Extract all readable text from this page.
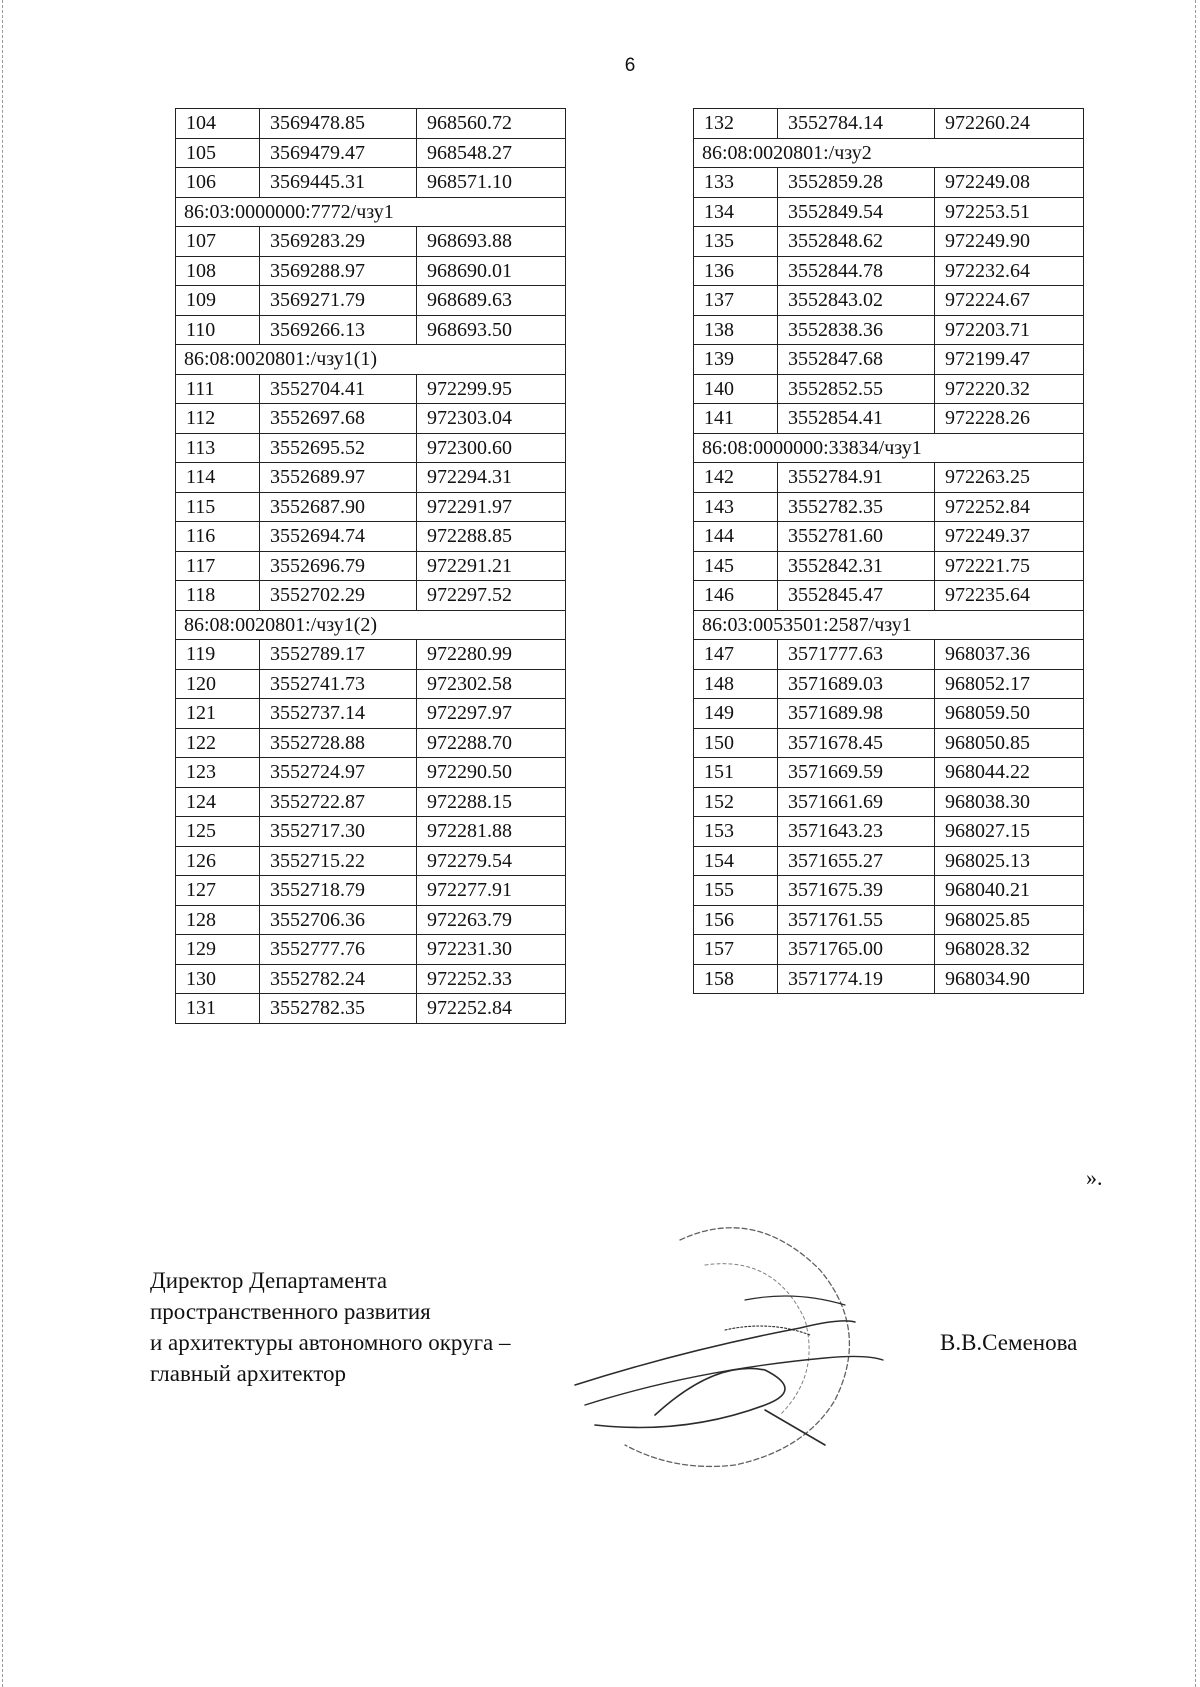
6
104	3569478.85	968560.72
105	3569479.47	968548.27
106	3569445.31	968571.10
86:03:0000000:7772/чзу1		
107	3569283.29	968693.88
108	3569288.97	968690.01
109	3569271.79	968689.63
110	3569266.13	968693.50
86:08:0020801:/чзу1(1)		
111	3552704.41	972299.95
112	3552697.68	972303.04
113	3552695.52	972300.60
114	3552689.97	972294.31
115	3552687.90	972291.97
116	3552694.74	972288.85
117	3552696.79	972291.21
118	3552702.29	972297.52
86:08:0020801:/чзу1(2)		
119	3552789.17	972280.99
120	3552741.73	972302.58
121	3552737.14	972297.97
122	3552728.88	972288.70
123	3552724.97	972290.50
124	3552722.87	972288.15
125	3552717.30	972281.88
126	3552715.22	972279.54
127	3552718.79	972277.91
128	3552706.36	972263.79
129	3552777.76	972231.30
130	3552782.24	972252.33
131	3552782.35	972252.84
132	3552784.14	972260.24
86:08:0020801:/чзу2		
133	3552859.28	972249.08
134	3552849.54	972253.51
135	3552848.62	972249.90
136	3552844.78	972232.64
137	3552843.02	972224.67
138	3552838.36	972203.71
139	3552847.68	972199.47
140	3552852.55	972220.32
141	3552854.41	972228.26
86:08:0000000:33834/чзу1		
142	3552784.91	972263.25
143	3552782.35	972252.84
144	3552781.60	972249.37
145	3552842.31	972221.75
146	3552845.47	972235.64
86:03:0053501:2587/чзу1		
147	3571777.63	968037.36
148	3571689.03	968052.17
149	3571689.98	968059.50
150	3571678.45	968050.85
151	3571669.59	968044.22
152	3571661.69	968038.30
153	3571643.23	968027.15
154	3571655.27	968025.13
155	3571675.39	968040.21
156	3571761.55	968025.85
157	3571765.00	968028.32
158	3571774.19	968034.90
».
Директор Департамента
пространственного развития
и архитектуры автономного округа –
главный архитектор
В.В.Семенова
